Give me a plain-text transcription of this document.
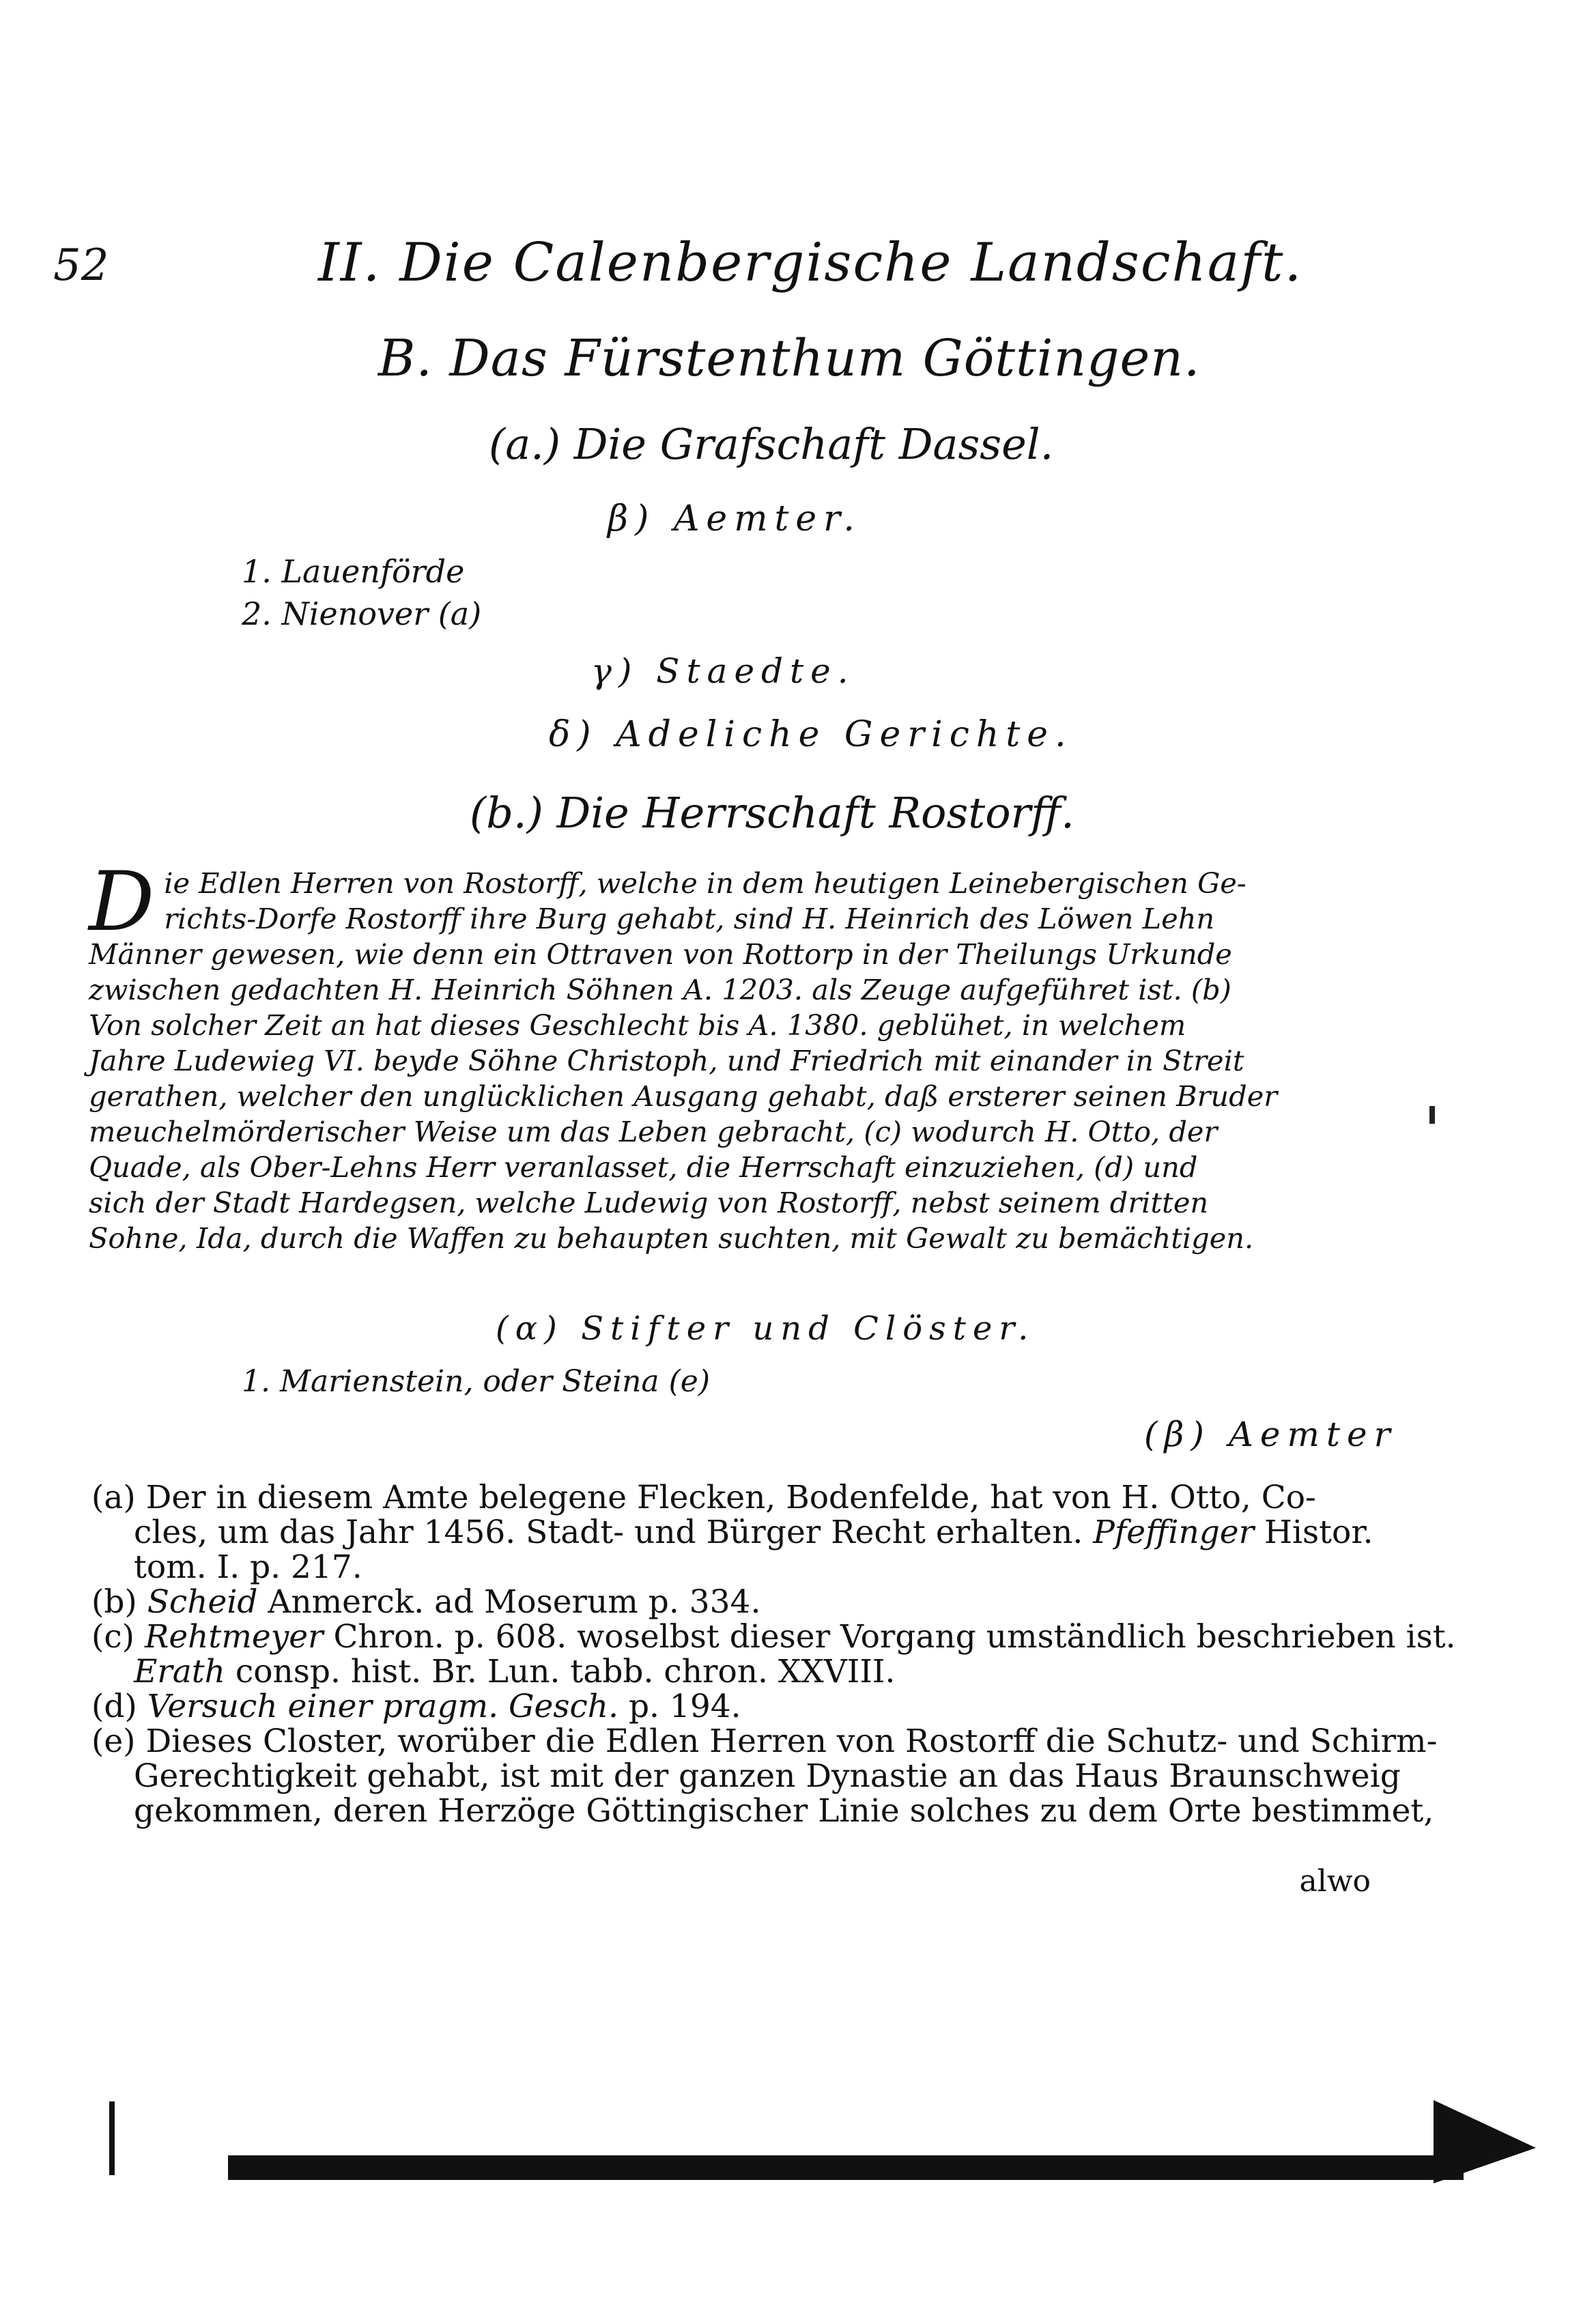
52	II. Die Calenbergische Landschaft.
B. Das Fürstenthum Göttingen.
(a.) Die Grafschaft Dassel.
β) Aemter.
1. Lauenförde
2. Nienover (a)
γ) Staedte.
δ) Adeliche Gerichte.
(b.) Die Herrschaft Rostorff.
D ie Edlen Herren von Rostorff, welche in dem heutigen Leinebergischen Ge-
richts-Dorfe Rostorff ihre Burg gehabt, sind H. Heinrich des Löwen Lehn
Männer gewesen, wie denn ein Ottraven von Rottorp in der Theilungs Urkunde
zwischen gedachten H. Heinrich Söhnen A. 1203. als Zeuge aufgeführet ist. (b)
Von solcher Zeit an hat dieses Geschlecht bis A. 1380. geblühet, in welchem
Jahre Ludewieg VI. beyde Söhne Christoph, und Friedrich mit einander in Streit
gerathen, welcher den unglücklichen Ausgang gehabt, daß ersterer seinen Bruder
meuchelmörderischer Weise um das Leben gebracht, (c) wodurch H. Otto, der
Quade, als Ober-Lehns Herr veranlasset, die Herrschaft einzuziehen, (d) und
sich der Stadt Hardegsen, welche Ludewig von Rostorff, nebst seinem dritten
Sohne, Ida, durch die Waffen zu behaupten suchten, mit Gewalt zu bemächtigen.
(α) Stifter und Clöster.
1. Marienstein, oder Steina (e)
(β) Aemter
(a) Der in diesem Amte belegene Flecken, Bodenfelde, hat von H. Otto, Co-
cles, um das Jahr 1456. Stadt- und Bürger Recht erhalten. Pfeffinger Histor.
tom. I. p. 217.
(b) Scheid Anmerck. ad Moserum p. 334.
(c) Rehtmeyer Chron. p. 608. woselbst dieser Vorgang umständlich beschrieben ist.
Erath consp. hist. Br. Lun. tabb. chron. XXVIII.
(d) Versuch einer pragm. Gesch. p. 194.
(e) Dieses Closter, worüber die Edlen Herren von Rostorff die Schutz- und Schirm-
Gerechtigkeit gehabt, ist mit der ganzen Dynastie an das Haus Braunschweig
gekommen, deren Herzöge Göttingischer Linie solches zu dem Orte bestimmet,
alwo
